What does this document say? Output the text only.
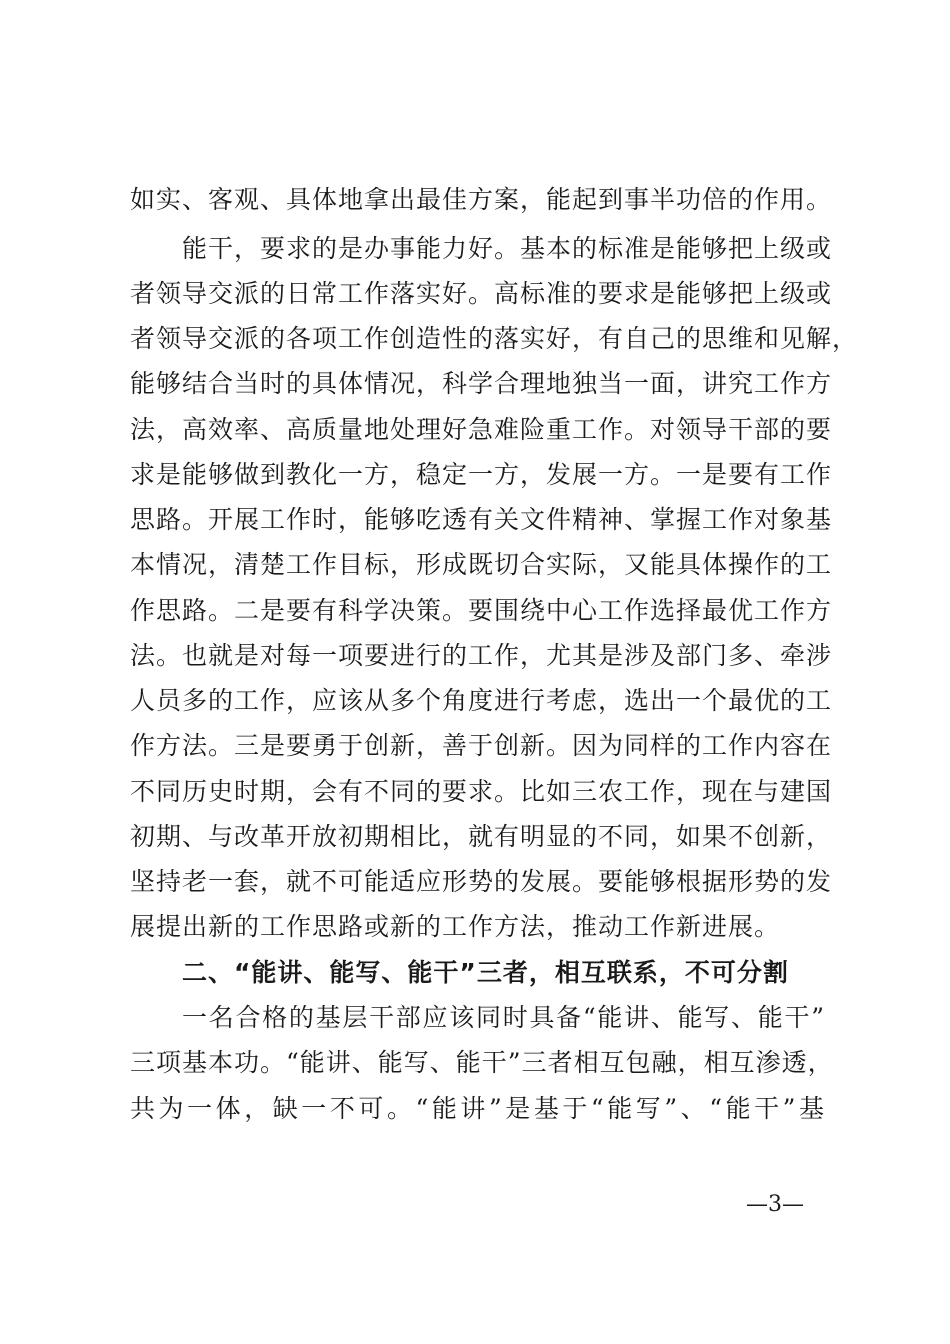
如实、客观、具体地拿出最佳方案，能起到事半功倍的作用。
能干，要求的是办事能力好。基本的标准是能够把上级或
者领导交派的日常工作落实好。高标准的要求是能够把上级或
者领导交派的各项工作创造性的落实好，有自己的思维和见解，
能够结合当时的具体情况，科学合理地独当一面，讲究工作方
法，高效率、高质量地处理好急难险重工作。对领导干部的要
求是能够做到教化一方，稳定一方，发展一方。一是要有工作
思路。开展工作时，能够吃透有关文件精神、掌握工作对象基
本情况，清楚工作目标，形成既切合实际，又能具体操作的工
作思路。二是要有科学决策。要围绕中心工作选择最优工作方
法。也就是对每一项要进行的工作，尤其是涉及部门多、牵涉
人员多的工作，应该从多个角度进行考虑，选出一个最优的工
作方法。三是要勇于创新，善于创新。因为同样的工作内容在
不同历史时期，会有不同的要求。比如三农工作，现在与建国
初期、与改革开放初期相比，就有明显的不同，如果不创新，
坚持老一套，就不可能适应形势的发展。要能够根据形势的发
展提出新的工作思路或新的工作方法，推动工作新进展。
二、“能讲、能写、能干”三者，相互联系，不可分割
一名合格的基层干部应该同时具备“能讲、能写、能干”
三项基本功。“能讲、能写、能干”三者相互包融，相互渗透，
共为一体，缺一不可。“能讲”是基于“能写”、“能干”基
—3—
